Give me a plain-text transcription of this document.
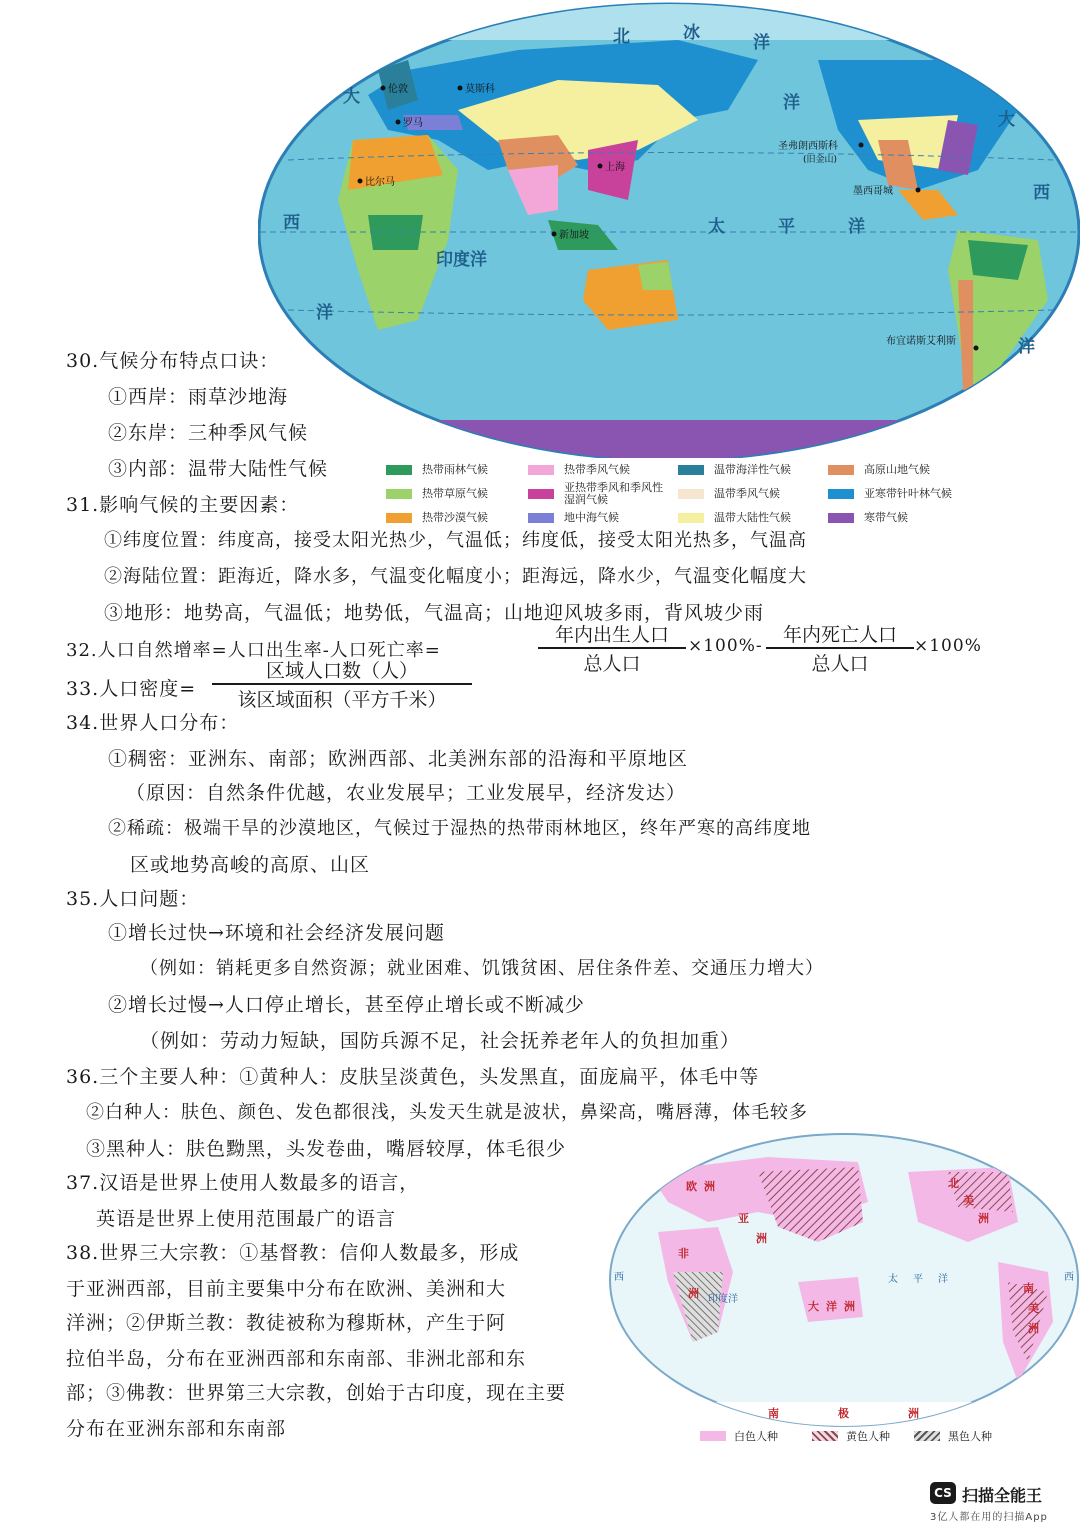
北	冰	洋
大
西
洋
太	平	洋
印度洋
大
西
洋
洋
伦敦	莫斯科
罗马
比尔马
上海
新加坡
圣弗朗西斯科
(旧金山)
墨西哥城
布宜诺斯艾利斯
热带雨林气候	热带季风气候	温带海洋性气候	高原山地气候
热带草原气候	亚热带季风和季风性湿润气候	温带季风气候	亚寒带针叶林气候
热带沙漠气候	地中海气候	温带大陆性气候	寒带气候
30.气候分布特点口诀：
①西岸：雨草沙地海
②东岸：三种季风气候
③内部：温带大陆性气候
31.影响气候的主要因素：
①纬度位置：纬度高，接受太阳光热少，气温低；纬度低，接受太阳光热多，气温高
②海陆位置：距海近，降水多，气温变化幅度小；距海远，降水少，气温变化幅度大
③地形：地势高，气温低；地势低，气温高；山地迎风坡多雨，背风坡少雨
32.人口自然增率=人口出生率-人口死亡率=
年内出生人口
总人口
×100%-	年内死亡人口
总人口
×100%
33.人口密度=
区域人口数（人）
该区域面积（平方千米）
34.世界人口分布：
①稠密：亚洲东、南部；欧洲西部、北美洲东部的沿海和平原地区
（原因：自然条件优越，农业发展早；工业发展早，经济发达）
②稀疏：极端干旱的沙漠地区，气候过于湿热的热带雨林地区，终年严寒的高纬度地
区或地势高峻的高原、山区
35.人口问题：
①增长过快→环境和社会经济发展问题
（例如：销耗更多自然资源；就业困难、饥饿贫困、居住条件差、交通压力增大）
②增长过慢→人口停止增长，甚至停止增长或不断减少
（例如：劳动力短缺，国防兵源不足，社会抚养老年人的负担加重）
36.三个主要人种：①黄种人：皮肤呈淡黄色，头发黑直，面庞扁平，体毛中等
②白种人：肤色、颜色、发色都很浅，头发天生就是波状，鼻梁高，嘴唇薄，体毛较多
③黑种人：肤色黝黑，头发卷曲，嘴唇较厚，体毛很少
37.汉语是世界上使用人数最多的语言，
英语是世界上使用范围最广的语言
38.世界三大宗教：①基督教：信仰人数最多，形成
于亚洲西部，目前主要集中分布在欧洲、美洲和大
洋洲；②伊斯兰教：教徒被称为穆斯林，产生于阿
拉伯半岛，分布在亚洲西部和东南部、非洲北部和东
部；③佛教：世界第三大宗教，创始于古印度，现在主要
分布在亚洲东部和东南部
北
美
洲
亚
洲
欧 洲
非
洲	南
美
洲
大 洋 洲
南	极	洲
西	西
太 平 洋
印度洋
白色人种	黄色人种	黑色人种
CS 扫描全能王
3亿人都在用的扫描App
